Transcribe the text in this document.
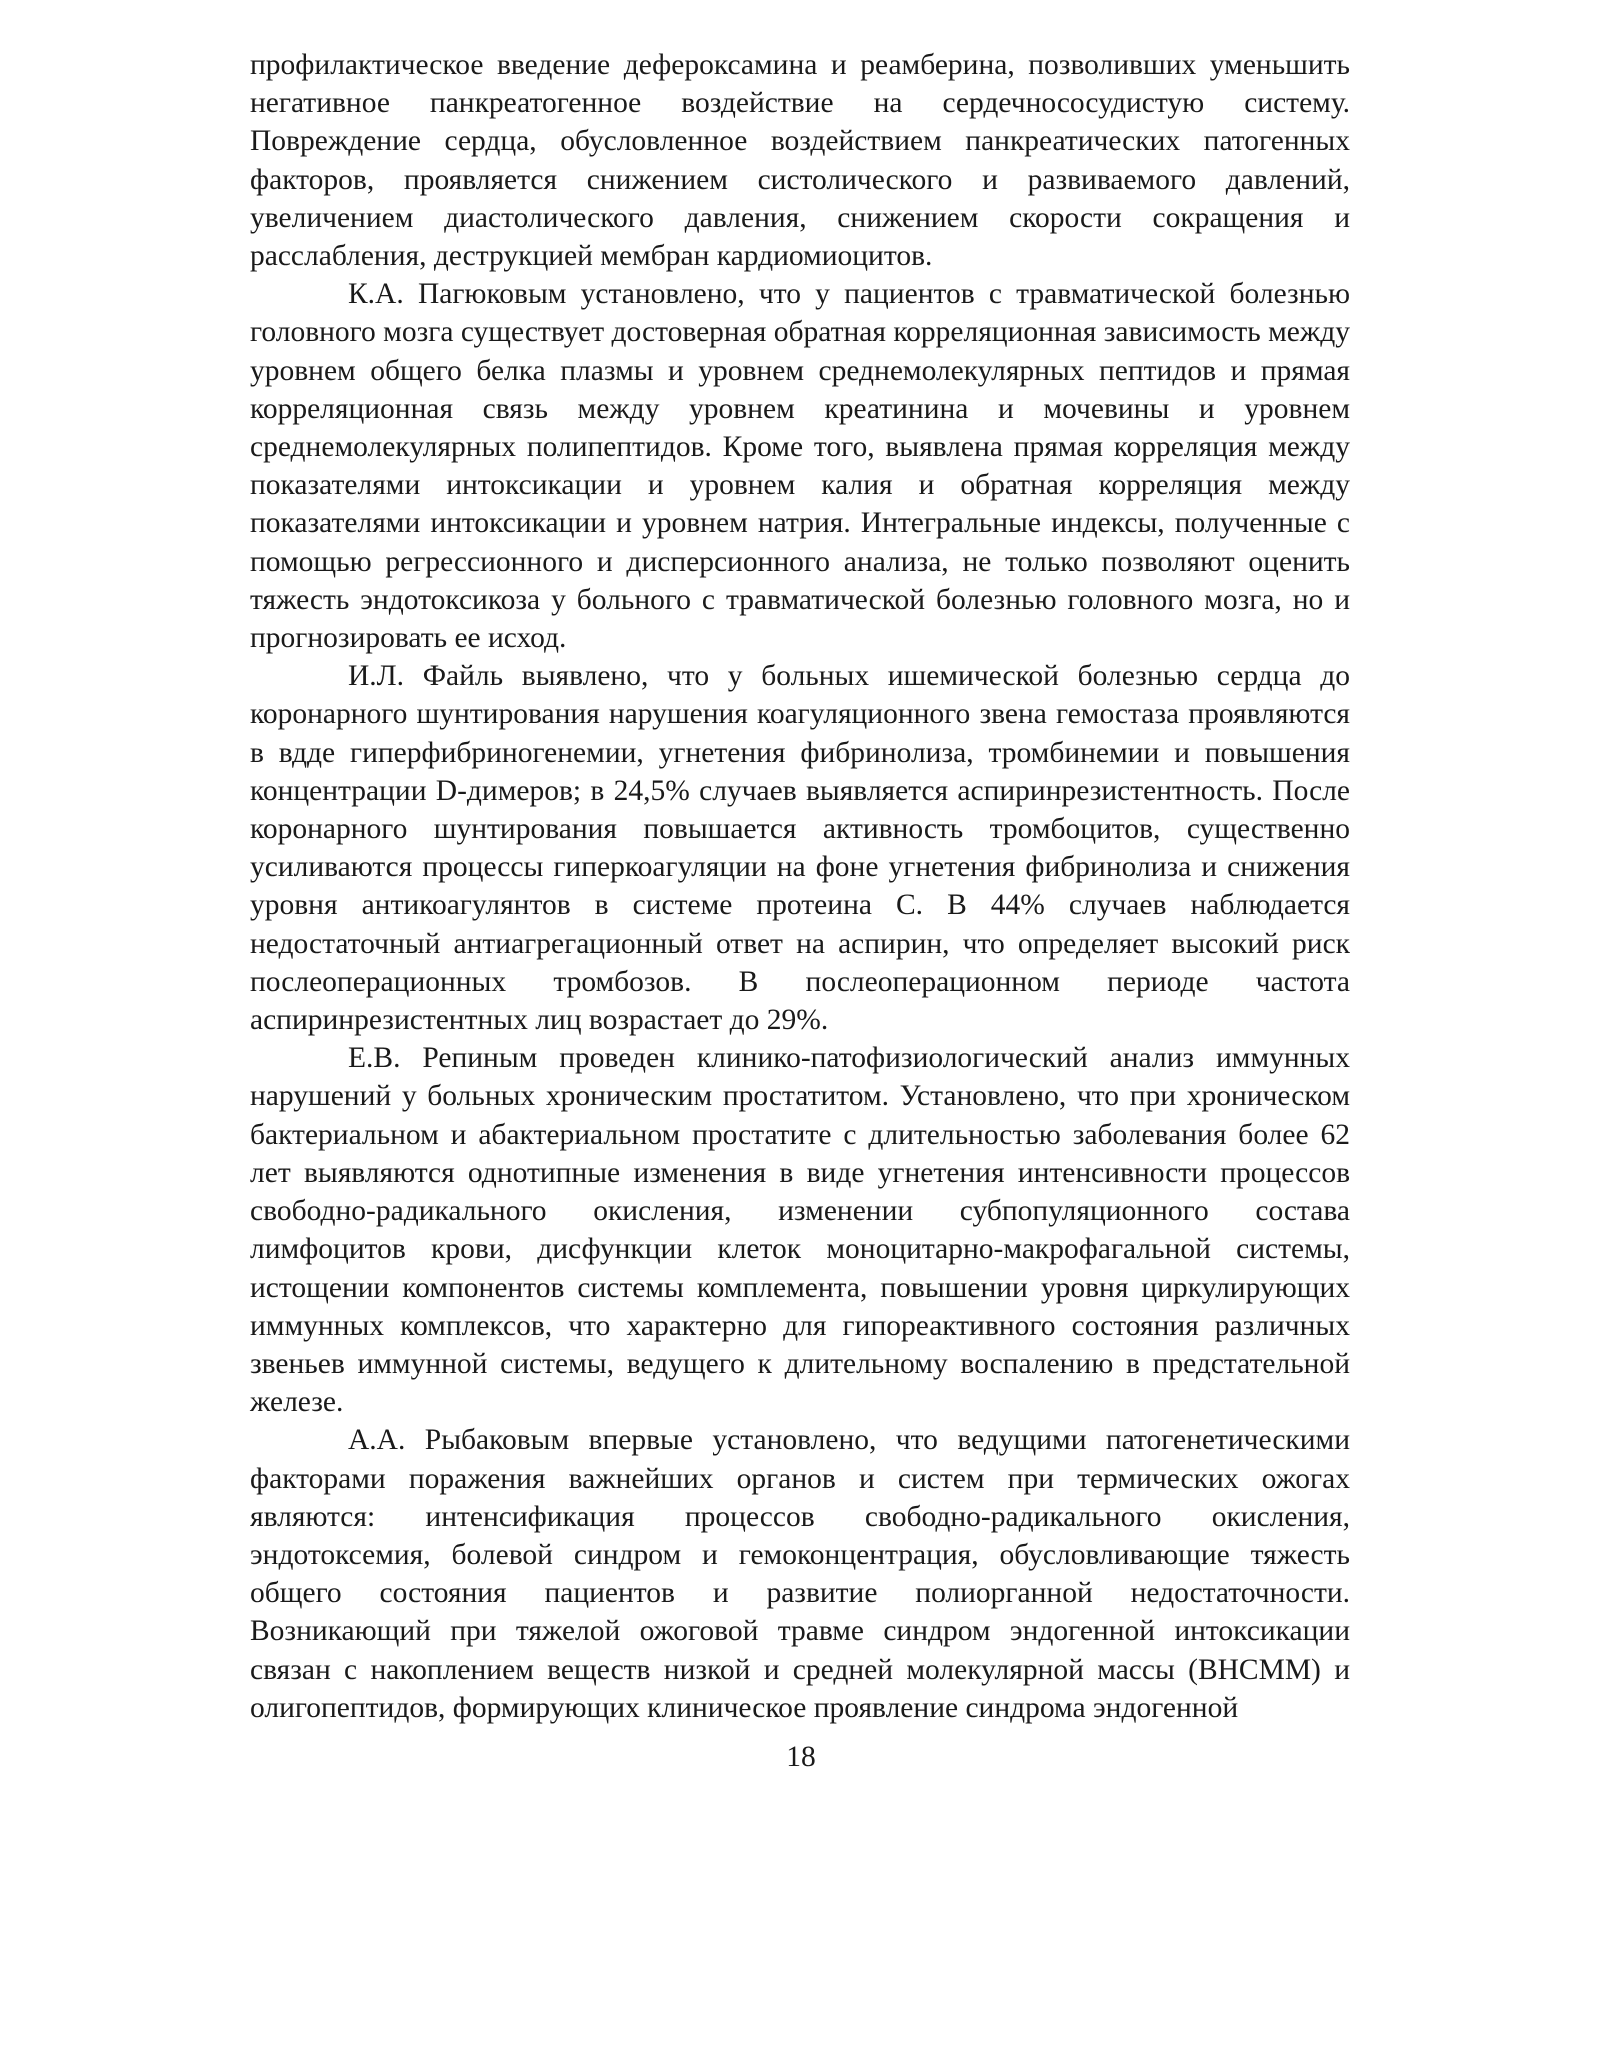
профилактическое введение дефероксамина и реамберина, позволивших уменьшить негативное панкреатогенное воздействие на сердечнососудистую систему. Повреждение сердца, обусловленное воздействием панкреатических патогенных факторов, проявляется снижением систолического и развиваемого давлений, увеличением диастолического давления, снижением скорости сокращения и расслабления, деструкцией мембран кардиомиоцитов.

К.А. Пагюковым установлено, что у пациентов с травматической болезнью головного мозга существует достоверная обратная корреляционная зависимость между уровнем общего белка плазмы и уровнем среднемолекулярных пептидов и прямая корреляционная связь между уровнем креатинина и мочевины и уровнем среднемолекулярных полипептидов. Кроме того, выявлена прямая корреляция между показателями интоксикации и уровнем калия и обратная корреляция между показателями интоксикации и уровнем натрия. Интегральные индексы, полученные с помощью регрессионного и дисперсионного анализа, не только позволяют оценить тяжесть эндотоксикоза у больного с травматической болезнью головного мозга, но и прогнозировать ее исход.

И.Л. Файль выявлено, что у больных ишемической болезнью сердца до коронарного шунтирования нарушения коагуляционного звена гемостаза проявляются в вдде гиперфибриногенемии, угнетения фибринолиза, тромбинемии и повышения концентрации D-димеров; в 24,5% случаев выявляется аспиринрезистентность. После коронарного шунтирования повышается активность тромбоцитов, существенно усиливаются процессы гиперкоагуляции на фоне угнетения фибринолиза и снижения уровня антикоагулянтов в системе протеина С. В 44% случаев наблюдается недостаточный антиагрегационный ответ на аспирин, что определяет высокий риск послеоперационных тромбозов. В послеоперационном периоде частота аспиринрезистентных лиц возрастает до 29%.

Е.В. Репиным проведен клинико-патофизиологический анализ иммунных нарушений у больных хроническим простатитом. Установлено, что при хроническом бактериальном и абактериальном простатите с длительностью заболевания более 62 лет выявляются однотипные изменения в виде угнетения интенсивности процессов свободно-радикального окисления, изменении субпопуляционного состава лимфоцитов крови, дисфункции клеток моноцитарно-макрофагальной системы, истощении компонентов системы комплемента, повышении уровня циркулирующих иммунных комплексов, что характерно для гипореактивного состояния различных звеньев иммунной системы, ведущего к длительному воспалению в предстательной железе.

А.А. Рыбаковым впервые установлено, что ведущими патогенетическими факторами поражения важнейших органов и систем при термических ожогах являются: интенсификация процессов свободно-радикального окисления, эндотоксемия, болевой синдром и гемоконцентрация, обусловливающие тяжесть общего состояния пациентов и развитие полиорганной недостаточности. Возникающий при тяжелой ожоговой травме синдром эндогенной интоксикации связан с накоплением веществ низкой и средней молекулярной массы (ВНСММ) и олигопептидов, формирующих клиническое проявление синдрома эндогенной

18
